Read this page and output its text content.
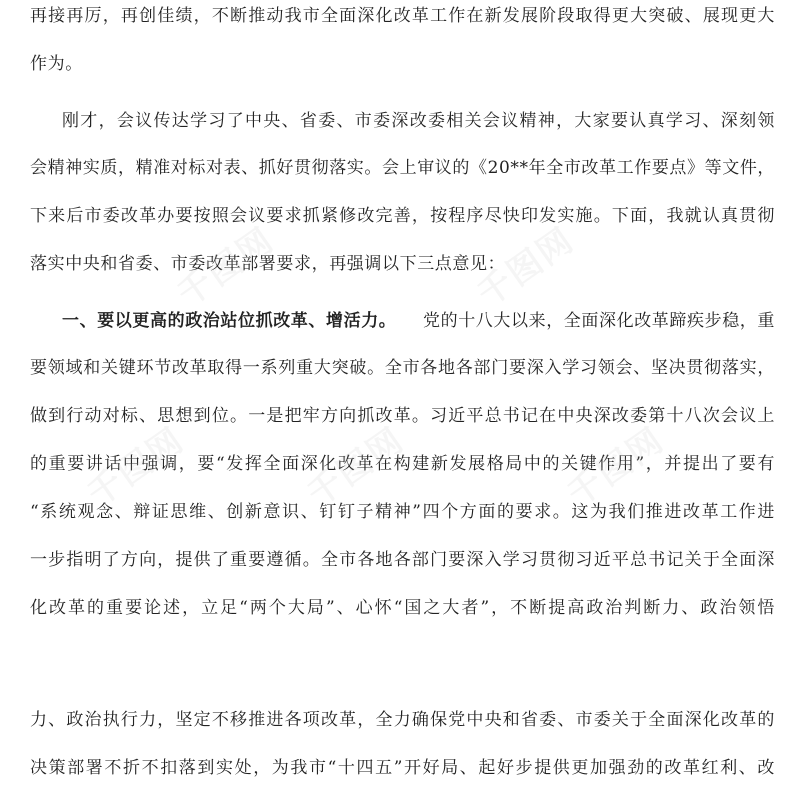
再接再厉，再创佳绩，不断推动我市全面深化改革工作在新发展阶段取得更大突破、展现更大
作为。
刚才，会议传达学习了中央、省委、市委深改委相关会议精神，大家要认真学习、深刻领
会精神实质，精准对标对表、抓好贯彻落实。会上审议的《20**年全市改革工作要点》等文件，
下来后市委改革办要按照会议要求抓紧修改完善，按程序尽快印发实施。下面，我就认真贯彻
落实中央和省委、市委改革部署要求，再强调以下三点意见：
一、要以更高的政治站位抓改革、增活力。 党的十八大以来，全面深化改革蹄疾步稳，重
要领域和关键环节改革取得一系列重大突破。全市各地各部门要深入学习领会、坚决贯彻落实，
做到行动对标、思想到位。一是把牢方向抓改革。习近平总书记在中央深改委第十八次会议上
的重要讲话中强调，要“发挥全面深化改革在构建新发展格局中的关键作用”，并提出了要有
“系统观念、辩证思维、创新意识、钉钉子精神”四个方面的要求。这为我们推进改革工作进
一步指明了方向，提供了重要遵循。全市各地各部门要深入学习贯彻习近平总书记关于全面深
化改革的重要论述，立足“两个大局”、心怀“国之大者”，不断提高政治判断力、政治领悟
力、政治执行力，坚定不移推进各项改革，全力确保党中央和省委、市委关于全面深化改革的
决策部署不折不扣落到实处，为我市“十四五”开好局、起好步提供更加强劲的改革红利、改
千图网	千图网
千图网	千图网
千图网
